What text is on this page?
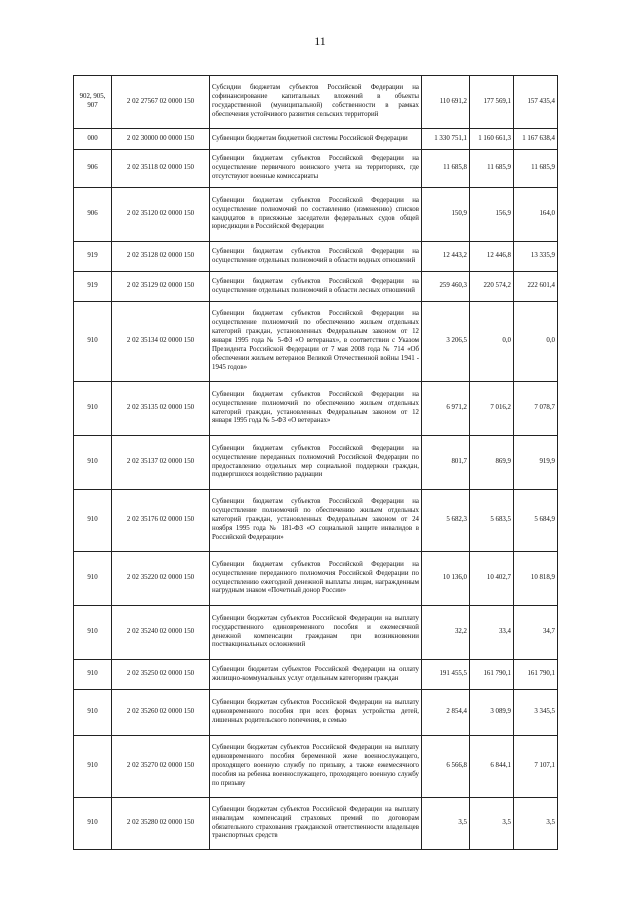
11
902, 905, 907	2 02 27567 02 0000 150	Субсидии бюджетам субъектов Российской Федерации на софинансирование капитальных вложений в объекты государственной (муниципальной) собственности в рамках обеспечения устойчивого развития сельских территорий	110 691,2	177 569,1	157 435,4
000	2 02 30000 00 0000 150	Субвенции бюджетам бюджетной системы Российской Федерации	1 330 751,1	1 160 661,3	1 167 638,4
906	2 02 35118 02 0000 150	Субвенции бюджетам субъектов Российской Федерации на осуществление первичного воинского учета на территориях, где отсутствуют военные комиссариаты	11 685,8	11 685,9	11 685,9
906	2 02 35120 02 0000 150	Субвенции бюджетам субъектов Российской Федерации на осуществление полномочий по составлению (изменению) списков кандидатов в присяжные заседатели федеральных судов общей юрисдикции в Российской Федерации	150,9	156,9	164,0
919	2 02 35128 02 0000 150	Субвенции бюджетам субъектов Российской Федерации на осуществление отдельных полномочий в области водных отношений	12 443,2	12 446,8	13 335,9
919	2 02 35129 02 0000 150	Субвенции бюджетам субъектов Российской Федерации на осуществление отдельных полномочий в области лесных отношений	259 460,3	220 574,2	222 601,4
910	2 02 35134 02 0000 150	Субвенции бюджетам субъектов Российской Федерации на осуществление полномочий по обеспечению жильем отдельных категорий граждан, установленных Федеральным законом от 12 января 1995 года № 5-ФЗ «О ветеранах», в соответствии с Указом Президента Российской Федерации от 7 мая 2008 года № 714 «Об обеспечении жильем ветеранов Великой Отечественной войны 1941 - 1945 годов»	3 206,5	0,0	0,0
910	2 02 35135 02 0000 150	Субвенции бюджетам субъектов Российской Федерации на осуществление полномочий по обеспечению жильем отдельных категорий граждан, установленных Федеральным законом от 12 января 1995 года № 5-ФЗ «О ветеранах»	6 971,2	7 016,2	7 078,7
910	2 02 35137 02 0000 150	Субвенции бюджетам субъектов Российской Федерации на осуществление переданных полномочий Российской Федерации по предоставлению отдельных мер социальной поддержки граждан, подвергшихся воздействию радиации	801,7	869,9	919,9
910	2 02 35176 02 0000 150	Субвенции бюджетам субъектов Российской Федерации на осуществление полномочий по обеспечению жильем отдельных категорий граждан, установленных Федеральным законом от 24 ноября 1995 года № 181-ФЗ «О социальной защите инвалидов в Российской Федерации»	5 682,3	5 683,5	5 684,9
910	2 02 35220 02 0000 150	Субвенции бюджетам субъектов Российской Федерации на осуществление переданного полномочия Российской Федерации по осуществлению ежегодной денежной выплаты лицам, награжденным нагрудным знаком «Почетный донор России»	10 136,0	10 402,7	10 818,9
910	2 02 35240 02 0000 150	Субвенции бюджетам субъектов Российской Федерации на выплату государственного единовременного пособия и ежемесячной денежной компенсации гражданам при возникновении поствакцинальных осложнений	32,2	33,4	34,7
910	2 02 35250 02 0000 150	Субвенции бюджетам субъектов Российской Федерации на оплату жилищно-коммунальных услуг отдельным категориям граждан	191 455,5	161 790,1	161 790,1
910	2 02 35260 02 0000 150	Субвенции бюджетам субъектов Российской Федерации на выплату единовременного пособия при всех формах устройства детей, лишенных родительского попечения, в семью	2 854,4	3 089,9	3 345,5
910	2 02 35270 02 0000 150	Субвенции бюджетам субъектов Российской Федерации на выплату единовременного пособия беременной жене военнослужащего, проходящего военную службу по призыву, а также ежемесячного пособия на ребенка военнослужащего, проходящего военную службу по призыву	6 566,8	6 844,1	7 107,1
910	2 02 35280 02 0000 150	Субвенции бюджетам субъектов Российской Федерации на выплату инвалидам компенсаций страховых премий по договорам обязательного страхования гражданской ответственности владельцев транспортных средств	3,5	3,5	3,5
